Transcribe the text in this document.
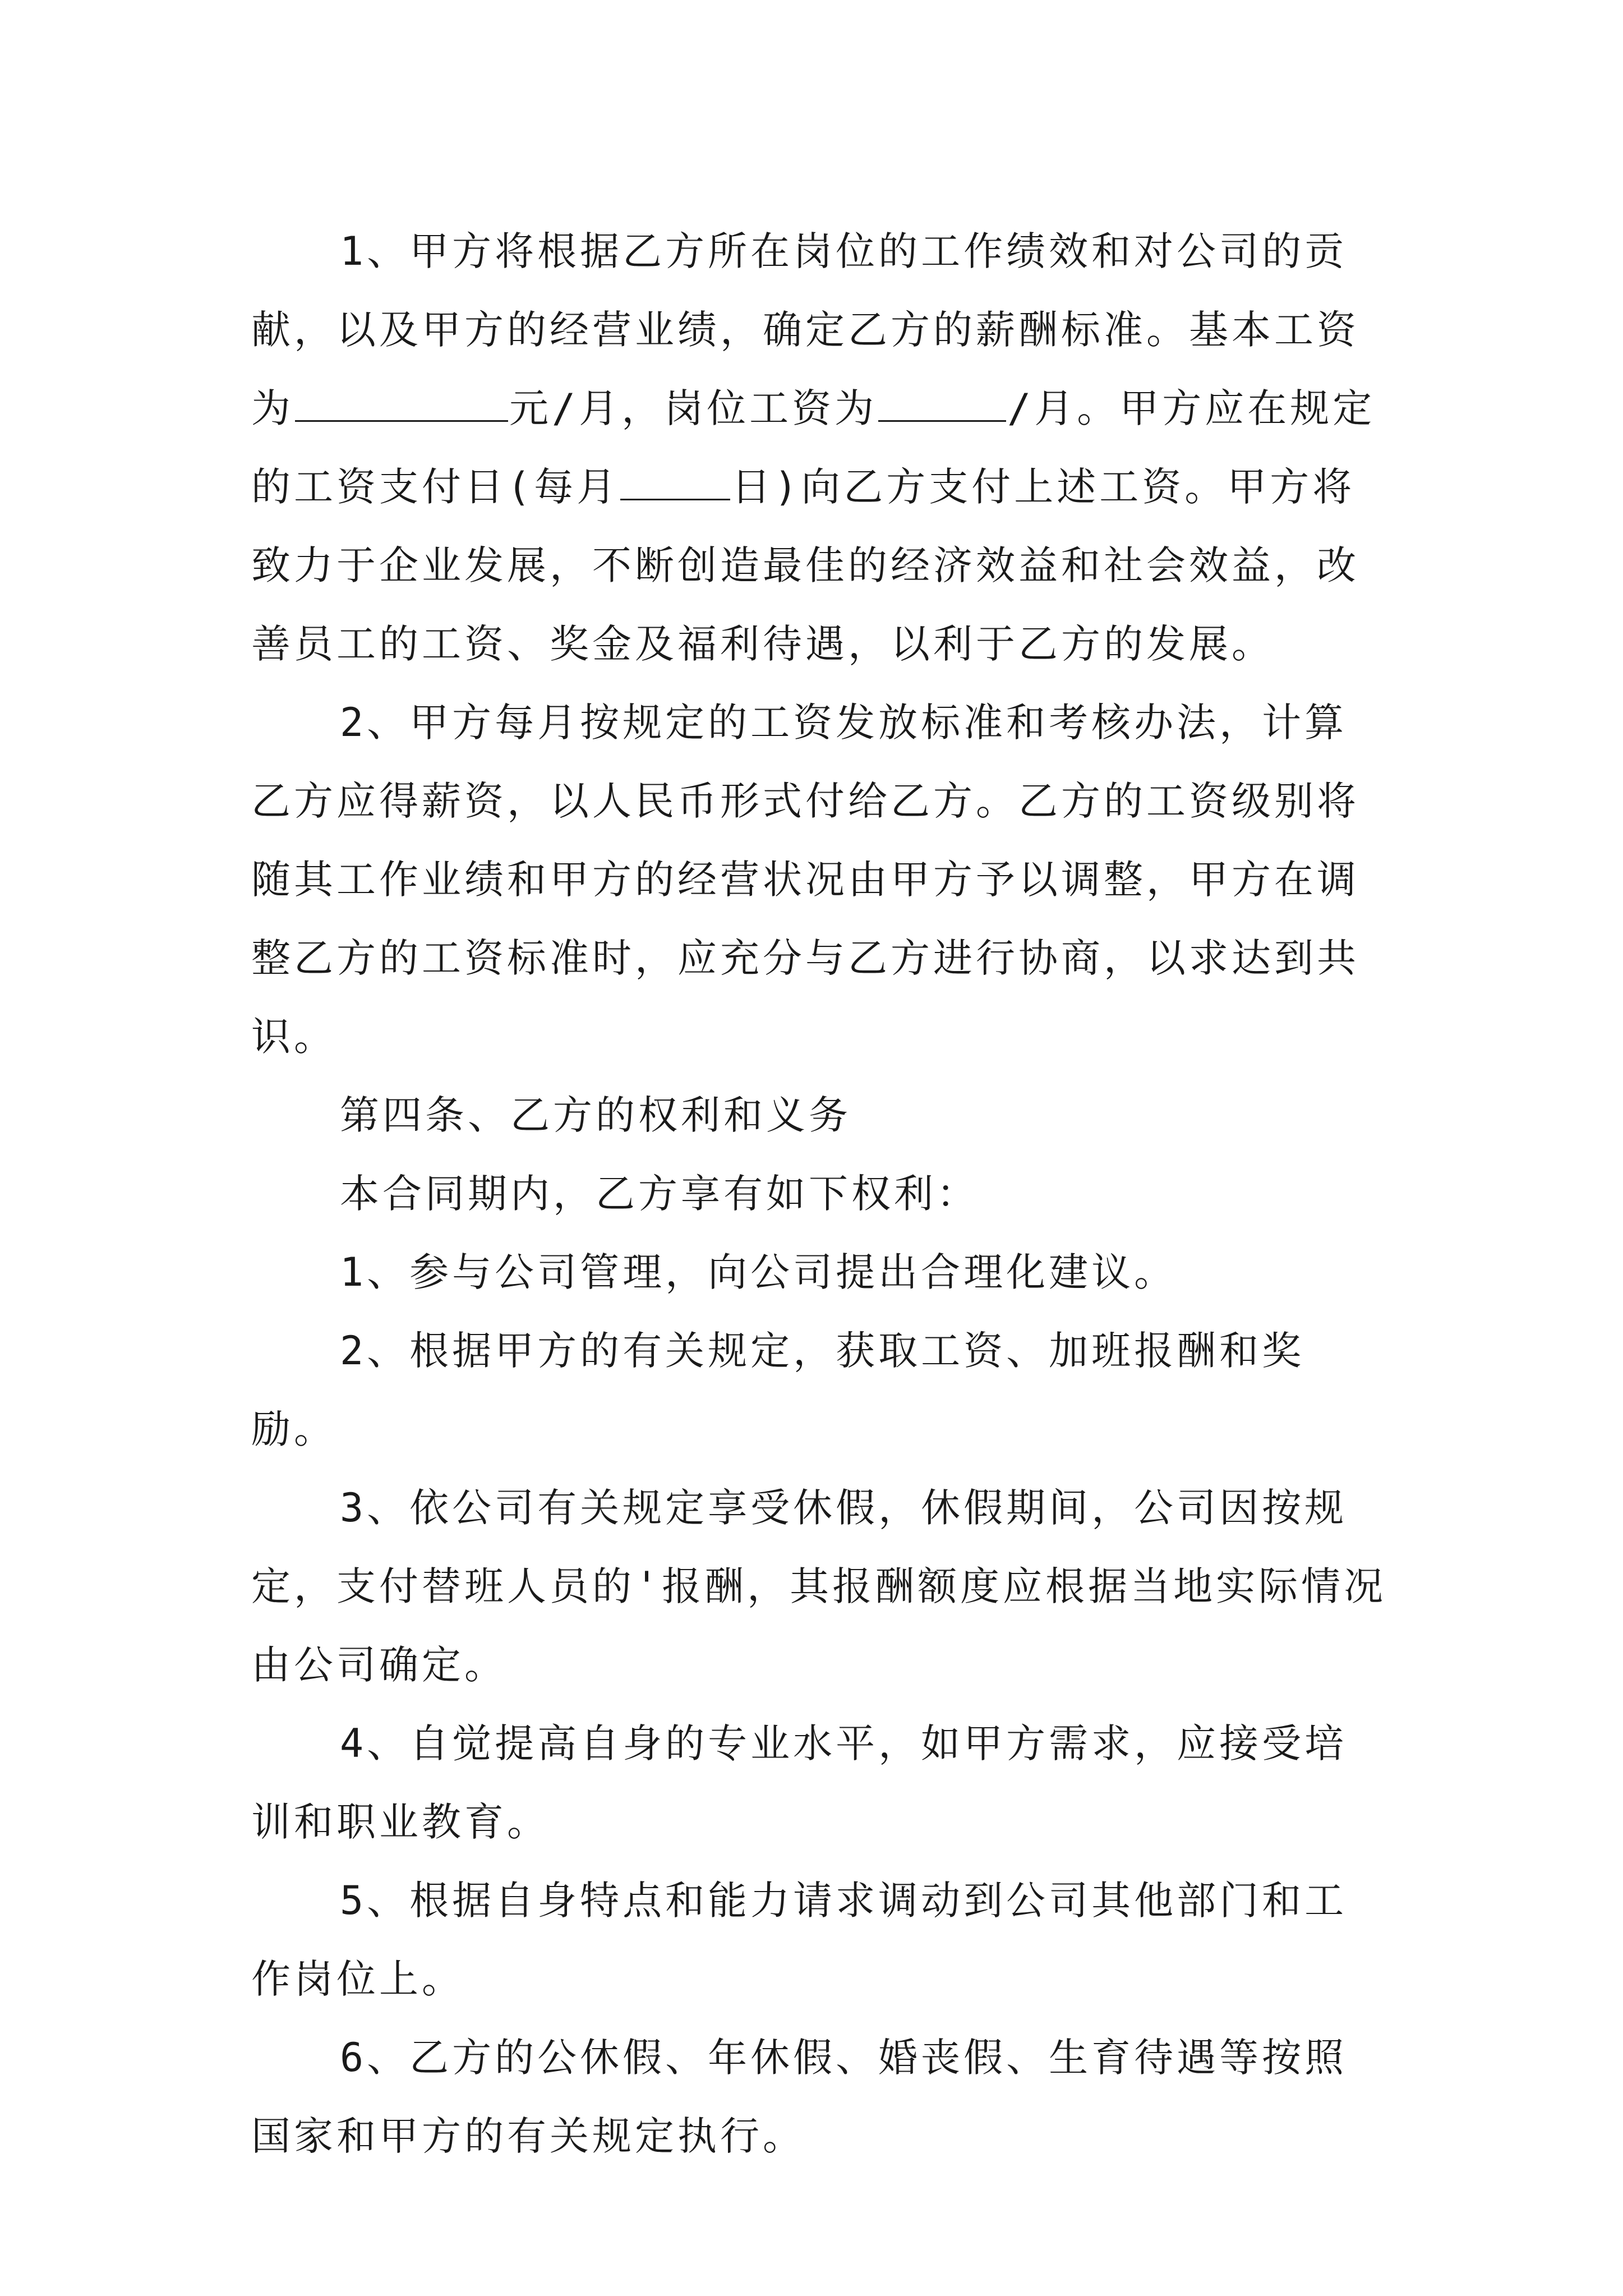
1、甲方将根据乙方所在岗位的工作绩效和对公司的贡献，以及甲方的经营业绩，确定乙方的薪酬标准。基本工资为	元/月，岗位工资为	/月。甲方应在规定的工资支付日(每月	日)向乙方支付上述工资。甲方将致力于企业发展，不断创造最佳的经济效益和社会效益，改善员工的工资、奖金及福利待遇，以利于乙方的发展。

2、甲方每月按规定的工资发放标准和考核办法，计算乙方应得薪资，以人民币形式付给乙方。乙方的工资级别将随其工作业绩和甲方的经营状况由甲方予以调整，甲方在调整乙方的工资标准时，应充分与乙方进行协商，以求达到共识。

第四条、乙方的权利和义务

本合同期内，乙方享有如下权利：

1、参与公司管理，向公司提出合理化建议。

2、根据甲方的有关规定，获取工资、加班报酬和奖励。

3、依公司有关规定享受休假，休假期间，公司因按规定，支付替班人员的'报酬，其报酬额度应根据当地实际情况由公司确定。

4、自觉提高自身的专业水平，如甲方需求，应接受培训和职业教育。

5、根据自身特点和能力请求调动到公司其他部门和工作岗位上。

6、乙方的公休假、年休假、婚丧假、生育待遇等按照国家和甲方的有关规定执行。
